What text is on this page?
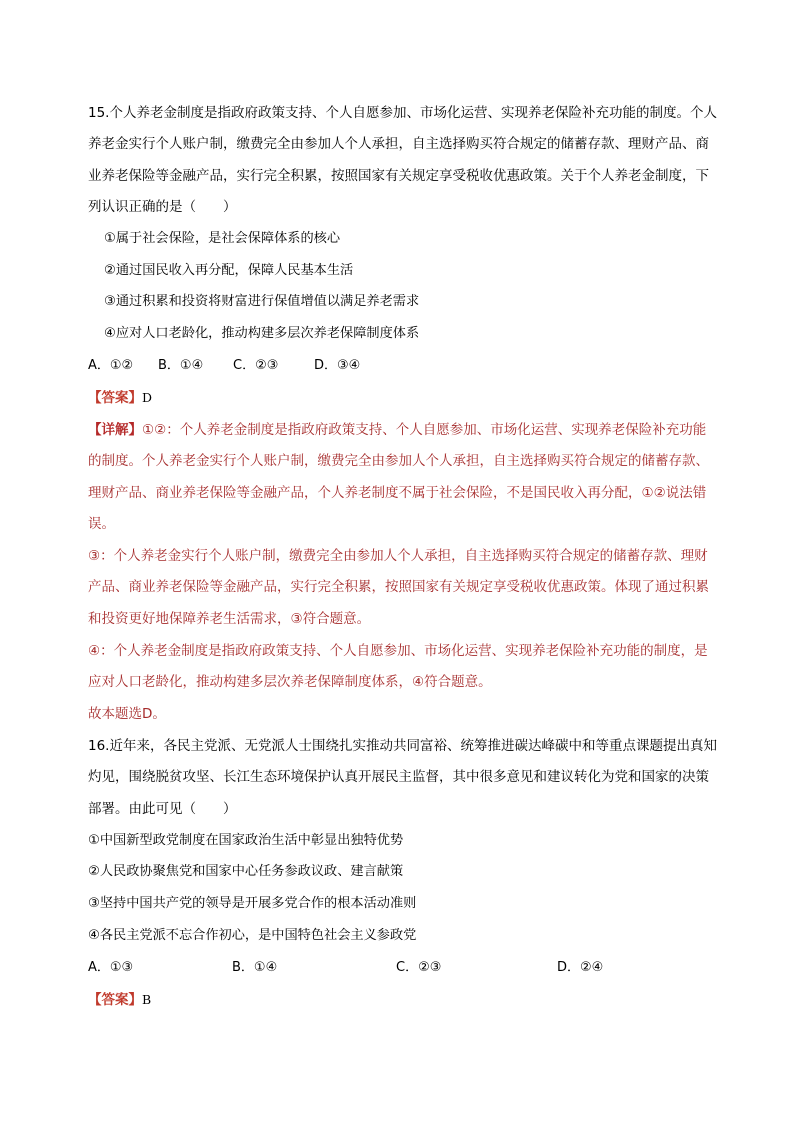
15.个人养老金制度是指政府政策支持、个人自愿参加、市场化运营、实现养老保险补充功能的制度。个人
养老金实行个人账户制，缴费完全由参加人个人承担，自主选择购买符合规定的储蓄存款、理财产品、商
业养老保险等金融产品，实行完全积累，按照国家有关规定享受税收优惠政策。关于个人养老金制度，下
列认识正确的是（　　）
①属于社会保险，是社会保障体系的核心
②通过国民收入再分配，保障人民基本生活
③通过积累和投资将财富进行保值增值以满足养老需求
④应对人口老龄化，推动构建多层次养老保障制度体系
A．①② B．①④ C．②③	D．③④
【答案】D
【详解】①②：个人养老金制度是指政府政策支持、个人自愿参加、市场化运营、实现养老保险补充功能
的制度。个人养老金实行个人账户制，缴费完全由参加人个人承担，自主选择购买符合规定的储蓄存款、
理财产品、商业养老保险等金融产品，个人养老制度不属于社会保险，不是国民收入再分配，①②说法错
误。
③：个人养老金实行个人账户制，缴费完全由参加人个人承担，自主选择购买符合规定的储蓄存款、理财
产品、商业养老保险等金融产品，实行完全积累，按照国家有关规定享受税收优惠政策。体现了通过积累
和投资更好地保障养老生活需求，③符合题意。
④：个人养老金制度是指政府政策支持、个人自愿参加、市场化运营、实现养老保险补充功能的制度，是
应对人口老龄化，推动构建多层次养老保障制度体系，④符合题意。
故本题选D。
16.近年来，各民主党派、无党派人士围绕扎实推动共同富裕、统筹推进碳达峰碳中和等重点课题提出真知
灼见，围绕脱贫攻坚、长江生态环境保护认真开展民主监督，其中很多意见和建议转化为党和国家的决策
部署。由此可见（　　）
①中国新型政党制度在国家政治生活中彰显出独特优势
②人民政协聚焦党和国家中心任务参政议政、建言献策
③坚持中国共产党的领导是开展多党合作的根本活动准则
④各民主党派不忘合作初心，是中国特色社会主义参政党
A．①③	B．①④	C．②③	D．②④
【答案】B
